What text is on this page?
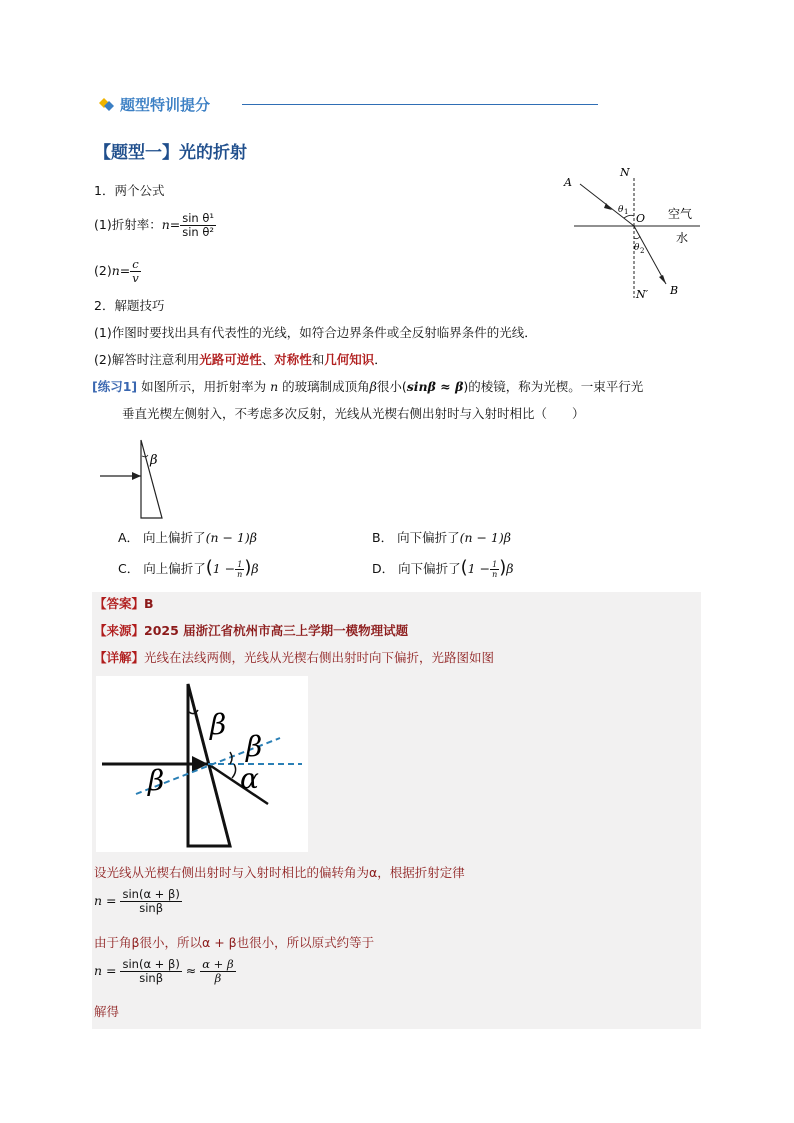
题型特训提分
【题型一】光的折射
1．两个公式
(1)折射率：$n= \frac{\text{sin θ¹}}{\text{sin θ²}}$
$(2)n= \frac{c}{v}$
A
N
O
θ 1
θ 2
空气
水
N′ B
2．解题技巧
(1)作图时要找出具有代表性的光线，如符合边界条件或全反射临界条件的光线．
(2)解答时注意利用光路可逆性、对称性和几何知识．
[练习1] 如图所示，用折射率为 n 的玻璃制成顶角β很小(sinβ ≈ β)的棱镜，称为光楔。一束平行光
垂直光楔左侧射入，不考虑多次反射，光线从光楔右侧出射时与入射时相比（　　）
β
A． 向上偏折了(n − 1)β	B． 向下偏折了(n − 1)β
C． 向上偏折了$(1 - \frac{1}{n} )\beta$	D． 向下偏折了$(1 - \frac{1}{n} )\beta$
【答案】B
【来源】2025 届浙江省杭州市高三上学期一模物理试题
【详解】光线在法线两侧，光线从光楔右侧出射时向下偏折，光路图如图
β
β
β	α
设光线从光楔右侧出射时与入射时相比的偏转角为α，根据折射定律
$n = \frac{\sin(\alpha + \beta)}{\sin\beta}$
由于角β很小，所以α + β也很小，所以原式约等于
$n = \frac{\sin(\alpha + \beta)}{\sin\beta} \approx \frac{\alpha + \beta}{\beta}$
解得
